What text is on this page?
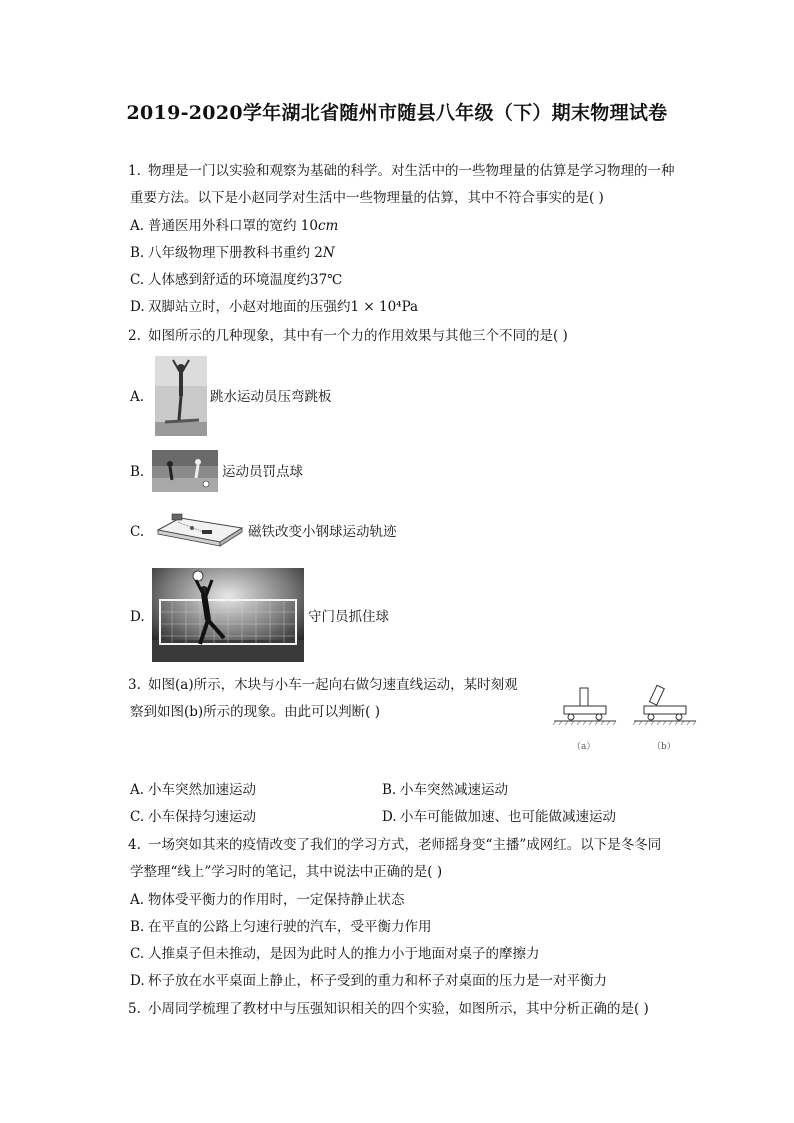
2019-2020学年湖北省随州市随县八年级（下）期末物理试卷
1. 物理是一门以实验和观察为基础的科学。对生活中的一些物理量的估算是学习物理的一种
重要方法。以下是小赵同学对生活中一些物理量的估算，其中不符合事实的是( )
A. 普通医用外科口罩的宽约 10cm
B. 八年级物理下册教科书重约 2N
C. 人体感到舒适的环境温度约37℃
D. 双脚站立时，小赵对地面的压强约1 × 10⁴Pa
2. 如图所示的几种现象，其中有一个力的作用效果与其他三个不同的是( )
A.	跳水运动员压弯跳板
B.	运动员罚点球
C.	磁铁改变小钢球运动轨迹
D.	守门员抓住球
3. 如图(a)所示，木块与小车一起向右做匀速直线运动，某时刻观
察到如图(b)所示的现象。由此可以判断( )
（a）	（b）
A. 小车突然加速运动	B. 小车突然减速运动
C. 小车保持匀速运动	D. 小车可能做加速、也可能做减速运动
4. 一场突如其来的疫情改变了我们的学习方式，老师摇身变“主播”成网红。以下是冬冬同
学整理“线上”学习时的笔记，其中说法中正确的是( )
A. 物体受平衡力的作用时，一定保持静止状态
B. 在平直的公路上匀速行驶的汽车，受平衡力作用
C. 人推桌子但未推动，是因为此时人的推力小于地面对桌子的摩擦力
D. 杯子放在水平桌面上静止，杯子受到的重力和杯子对桌面的压力是一对平衡力
5. 小周同学梳理了教材中与压强知识相关的四个实验，如图所示，其中分析正确的是( )
